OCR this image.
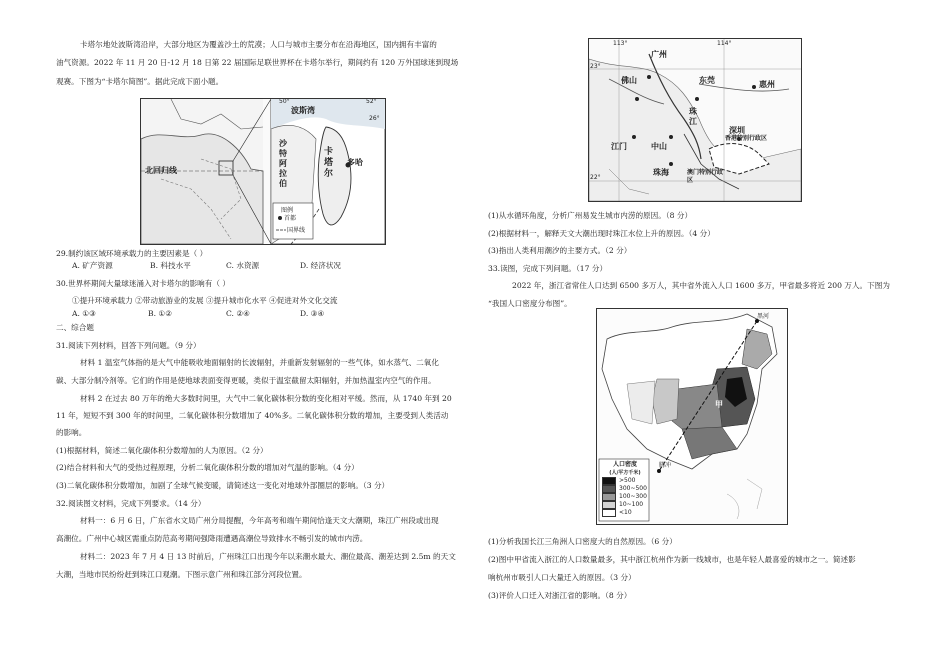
卡塔尔地处波斯湾沿岸，大部分地区为覆盖沙土的荒漠；人口与城市主要分布在沿海地区，国内拥有丰富的
油气资源。2022 年 11 月 20 日-12 月 18 日第 22 届国际足联世界杯在卡塔尔举行，期间约有 120 万外国球迷到现场
观赛。下图为“卡塔尔简图”。据此完成下面小题。
北回归线
50°	52°
26°
波斯湾
沙特阿拉伯
卡塔尔
多哈
图例
首都
国界线
29.制约该区域环境承载力的主要因素是（ ）
A. 矿产资源	B. 科技水平	C. 水资源	D. 经济状况
30.世界杯期间大量球迷涌入对卡塔尔的影响有（ ）
①提升环境承载力 ②带动旅游业的发展 ③提升城市化水平 ④促进对外文化交流
A. ①③	B. ①②	C. ②④	D. ③④
二、综合题
31.阅读下列材料，回答下列问题。（9 分）
材料 1 温室气体指的是大气中能吸收地面辐射的长波辐射，并重新发射辐射的一些气体，如水蒸气、二氧化
碳、大部分制冷剂等。它们的作用是使地球表面变得更暖，类似于温室截留太阳辐射，并加热温室内空气的作用。
材料 2 在过去 80 万年的绝大多数时间里，大气中二氧化碳体积分数的变化相对平缓。然而，从 1740 年到 20
11 年，短短不到 300 年的时间里，二氧化碳体积分数增加了 40%多。二氧化碳体积分数的增加，主要受到人类活动
的影响。
(1)根据材料，简述二氧化碳体积分数增加的人为原因。（2 分）
(2)结合材料和大气的受热过程原理，分析二氧化碳体积分数的增加对气温的影响。（4 分）
(3)二氧化碳体积分数增加，加剧了全球气候变暖，请简述这一变化对地球外部圈层的影响。（3 分）
32.阅读图文材料，完成下列要求。（14 分）
材料一：6 月 6 日，广东省水文局广州分局提醒，今年高考和端午期间恰逢天文大潮期，珠江广州段或出现
高潮位。广州中心城区需重点防范高考期间强降雨遭遇高潮位导致排水不畅引发的城市内涝。
材料二：2023 年 7 月 4 日 13 时前后，广州珠江口出现今年以来潮水最大、潮位最高、潮差达到 2.5m 的天文
大潮，当地市民纷纷赶到珠江口观潮。下图示意广州和珠江部分河段位置。
113°	114°
23°
22°
广州
佛山	东莞	惠州
珠江
江门	中山
深圳
珠海
香港特别行政区
澳门特别行政区
(1)从水循环角度，分析广州易发生城市内涝的原因。（8 分）
(2)根据材料一，解释天文大潮出现时珠江水位上升的原因。（4 分）
(3)指出人类利用潮汐的主要方式。（2 分）
33.读图，完成下列问题。（17 分）
2022 年，浙江省常住人口达到 6500 多万人，其中省外流入人口 1600 多万，甲省最多将近 200 万人。下图为
“我国人口密度分布图”。
黑河
腾冲
甲
人口密度
(人/平方千米)
>500
300~500
100~300
10~100
<10
(1)分析我国长江三角洲人口密度大的自然原因。（6 分）
(2)图中甲省流入浙江的人口数量最多，其中浙江杭州作为新一线城市，也是年轻人最喜爱的城市之一。简述影
响杭州市吸引人口大量迁入的原因。（3 分）
(3)评价人口迁入对浙江省的影响。（8 分）
